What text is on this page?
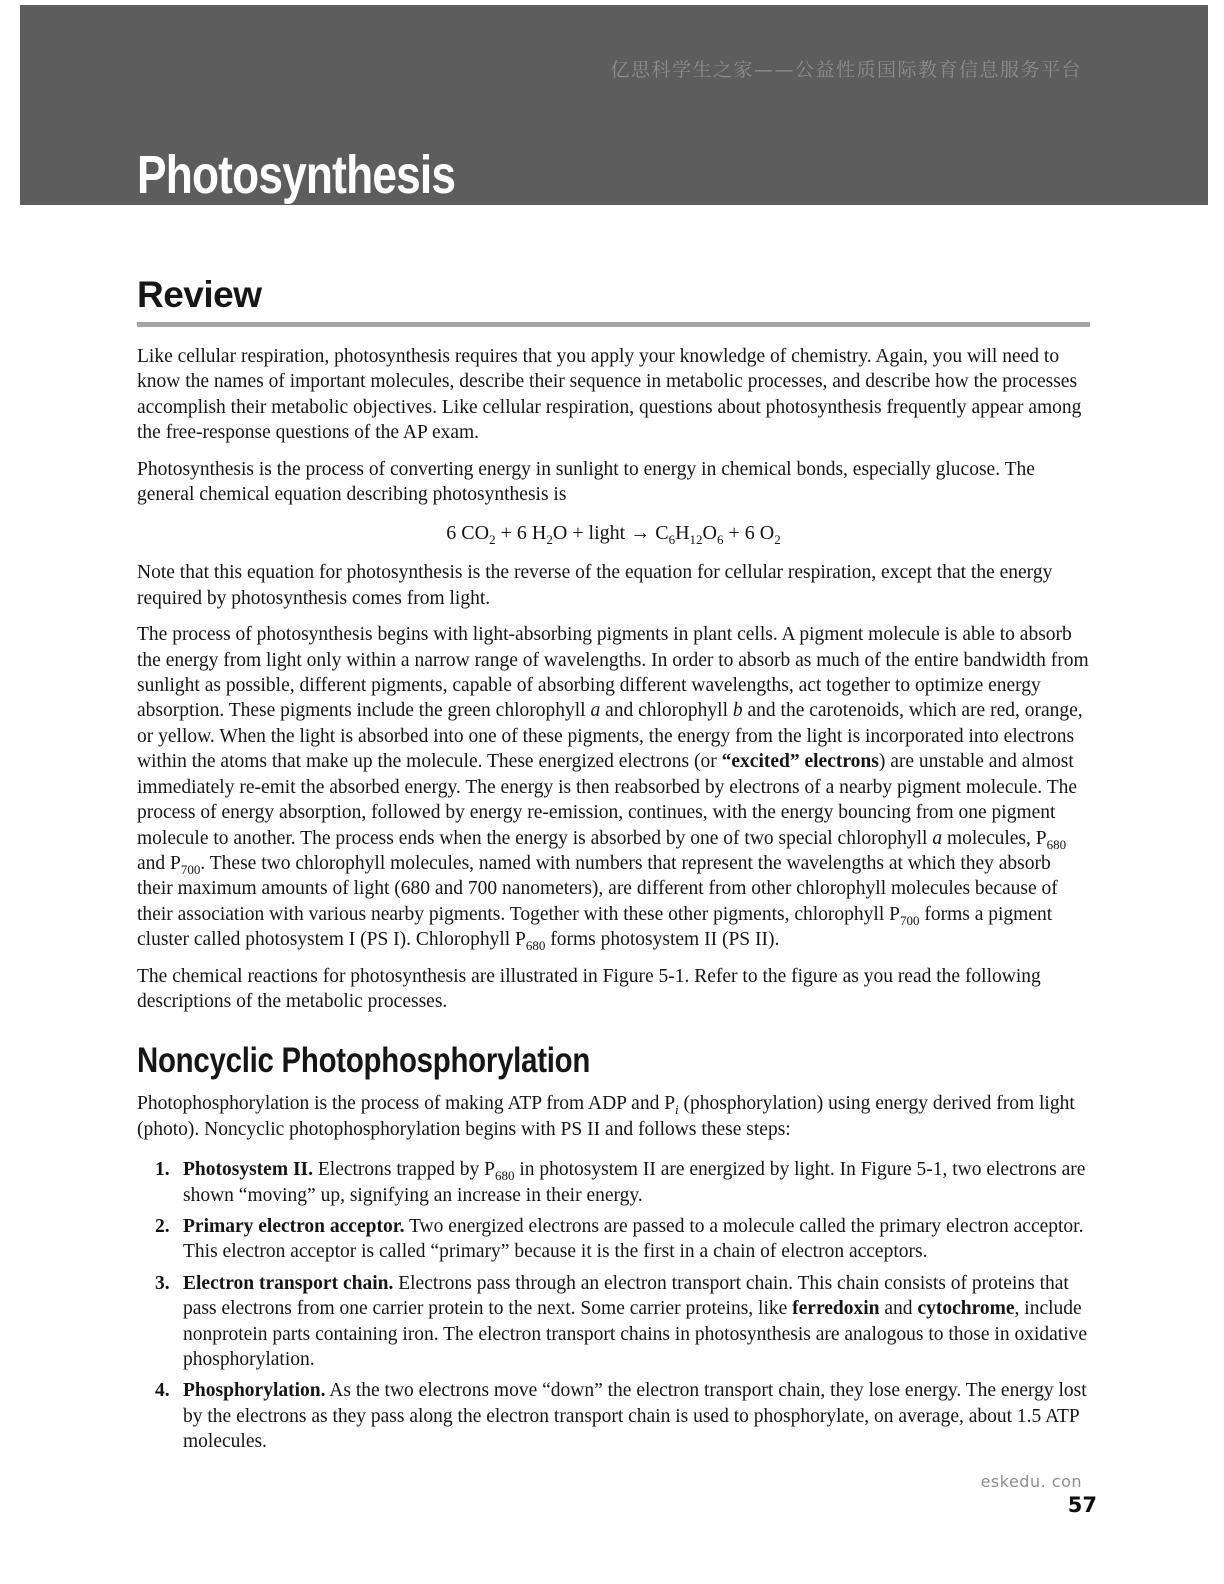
亿思科学生之家——公益性质国际教育信息服务平台
Photosynthesis
Review

Like cellular respiration, photosynthesis requires that you apply your knowledge of chemistry. Again, you will need to know the names of important molecules, describe their sequence in metabolic processes, and describe how the processes accomplish their metabolic objectives. Like cellular respiration, questions about photosynthesis frequently appear among the free-response questions of the AP exam.

Photosynthesis is the process of converting energy in sunlight to energy in chemical bonds, especially glucose. The general chemical equation describing photosynthesis is

6 $CO_2 + 6$ $H_2O$ + light → $C_6H_{12}O_6 + 6$ $O_2$

Note that this equation for photosynthesis is the reverse of the equation for cellular respiration, except that the energy required by photosynthesis comes from light.

The process of photosynthesis begins with light-absorbing pigments in plant cells. A pigment molecule is able to absorb the energy from light only within a narrow range of wavelengths. In order to absorb as much of the entire bandwidth from sunlight as possible, different pigments, capable of absorbing different wavelengths, act together to optimize energy absorption. These pigments include the green chlorophyll a and chlorophyll b and the carotenoids, which are red, orange, or yellow. When the light is absorbed into one of these pigments, the energy from the light is incorporated into electrons within the atoms that make up the molecule. These energized electrons (or “excited” electrons) are unstable and almost immediately re-emit the absorbed energy. The energy is then reabsorbed by electrons of a nearby pigment molecule. The process of energy absorption, followed by energy re-emission, continues, with the energy bouncing from one pigment molecule to another. The process ends when the energy is absorbed by one of two special chlorophyll a molecules, $P_{680}$ and $P_{700}$. These two chlorophyll molecules, named with numbers that represent the wavelengths at which they absorb their maximum amounts of light (680 and 700 nanometers), are different from other chlorophyll molecules because of their association with various nearby pigments. Together with these other pigments, chlorophyll $P_{700}$ forms a pigment cluster called photosystem I (PS I). Chlorophyll $P_{680}$ forms photosystem II (PS II).

The chemical reactions for photosynthesis are illustrated in Figure 5-1. Refer to the figure as you read the following descriptions of the metabolic processes.

Noncyclic Photophosphorylation

Photophosphorylation is the process of making ATP from ADP and $P_i$ (phosphorylation) using energy derived from light (photo). Noncyclic photophosphorylation begins with PS II and follows these steps:

1. Photosystem II. Electrons trapped by $P_{680}$ in photosystem II are energized by light. In Figure 5-1, two electrons are shown “moving” up, signifying an increase in their energy.
2. Primary electron acceptor. Two energized electrons are passed to a molecule called the primary electron acceptor. This electron acceptor is called “primary” because it is the first in a chain of electron acceptors.
3. Electron transport chain. Electrons pass through an electron transport chain. This chain consists of proteins that pass electrons from one carrier protein to the next. Some carrier proteins, like ferredoxin and cytochrome, include nonprotein parts containing iron. The electron transport chains in photosynthesis are analogous to those in oxidative phosphorylation.
4. Phosphorylation. As the two electrons move “down” the electron transport chain, they lose energy. The energy lost by the electrons as they pass along the electron transport chain is used to phosphorylate, on average, about 1.5 ATP molecules.
eskedu. con
57
